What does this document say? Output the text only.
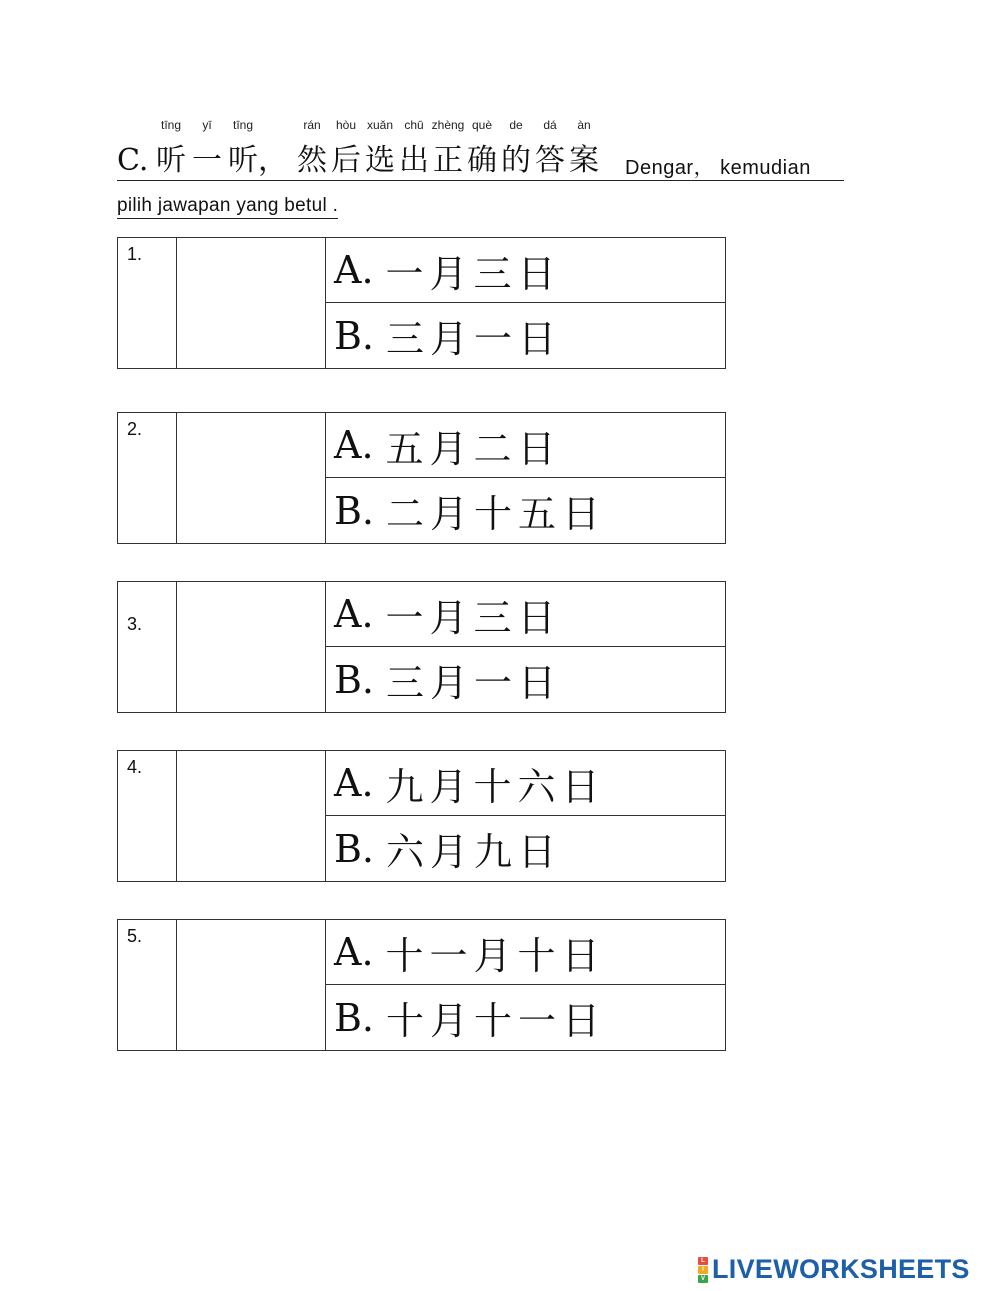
C.
tīng
听
yī
一
tīng
听 ，
rán
然
hòu
后
xuǎn
选
chū
出
zhèng
正
què
确
de
的
dá
答
àn
案 Dengar， kemudian
pilih jawapan yang betul .
1.	A. 一月三日
B. 三月一日
2.	A. 五月二日
B. 二月十五日
3.	A. 一月三日
B. 三月一日
4.	A. 九月十六日
B. 六月九日
5.	A. 十一月十日
B. 十月十一日
L
I
V LIVEWORKSHEETS
